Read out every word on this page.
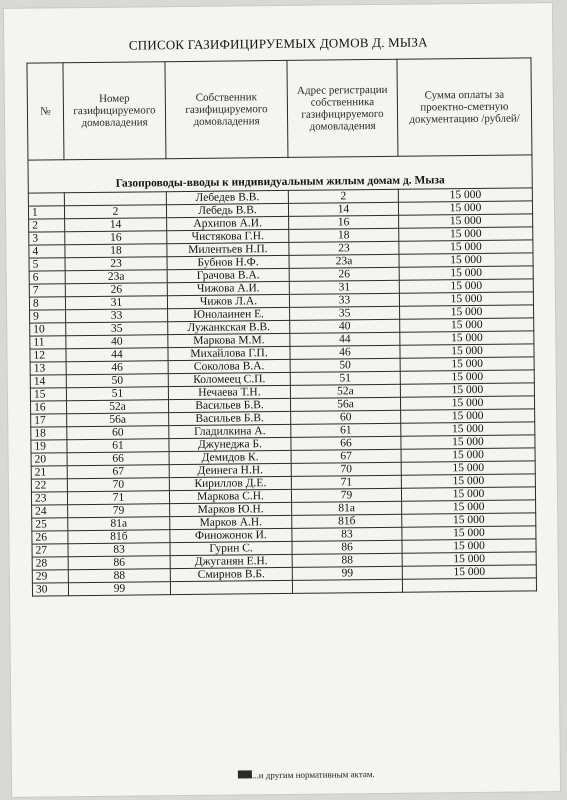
СПИСОК ГАЗИФИЦИРУЕМЫХ ДОМОВ Д. МЫЗА
№	Номер газифицируемого домовладения	Собственник газифицируемого домовладения	Адрес регистрации собственника газифицируемого домовладения	Сумма оплаты за проектно-сметную документацию /рублей/
Газопроводы-вводы к индивидуальным жилым домам д. Мыза				
		Лебедев В.В.	2	15 000
1	2	Лебедь В.В.	14	15 000
2	14	Архипов А.И.	16	15 000
3	16	Чистякова Г.Н.	18	15 000
4	18	Милентьев Н.П.	23	15 000
5	23	Бубнов Н.Ф.	23а	15 000
6	23а	Грачова В.А.	26	15 000
7	26	Чижова А.И.	31	15 000
8	31	Чижов Л.А.	33	15 000
9	33	Юнолаинен Е.	35	15 000
10	35	Лужанкская В.В.	40	15 000
11	40	Маркова М.М.	44	15 000
12	44	Михайлова Г.П.	46	15 000
13	46	Соколова В.А.	50	15 000
14	50	Коломеец С.П.	51	15 000
15	51	Нечаева Т.Н.	52а	15 000
16	52а	Васильев Б.В.	56а	15 000
17	56а	Васильев Б.В.	60	15 000
18	60	Гладилкина А.	61	15 000
19	61	Джунеджа Б.	66	15 000
20	66	Демидов К.	67	15 000
21	67	Деинега Н.Н.	70	15 000
22	70	Кириллов Д.Е.	71	15 000
23	71	Маркова С.Н.	79	15 000
24	79	Марков Ю.Н.	81а	15 000
25	81а	Марков А.Н.	81б	15 000
26	81б	Финожонок И.	83	15 000
27	83	Гурин С.	86	15 000
28	86	Джуганян Е.Н.	88	15 000
29	88	Смирнов В.Б.	99	15 000
30	99			
...и другим нормативным актам.
